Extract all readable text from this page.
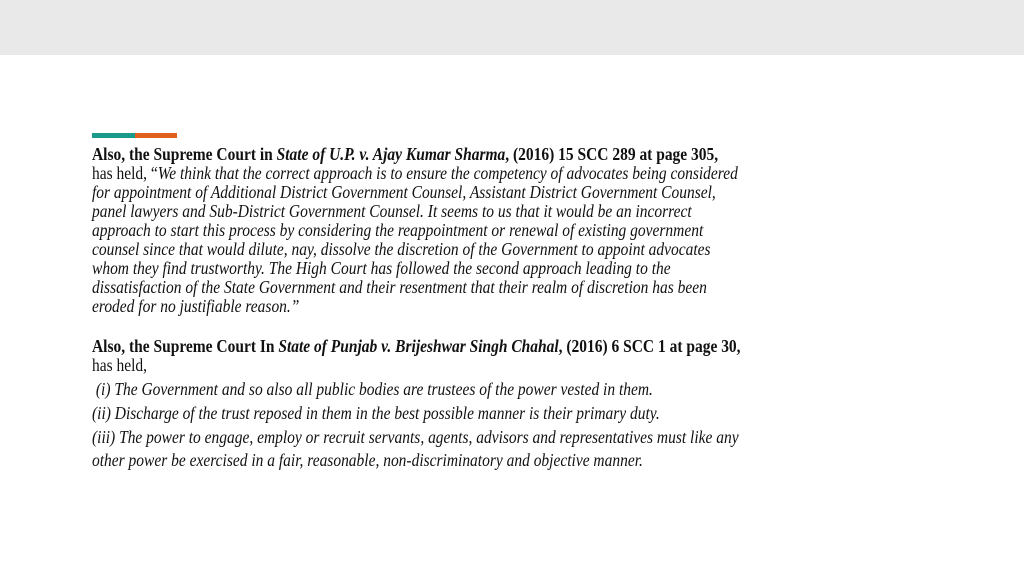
Also, the Supreme Court in State of U.P. v. Ajay Kumar Sharma, (2016) 15 SCC 289 at page 305,
has held, “We think that the correct approach is to ensure the competency of advocates being considered
for appointment of Additional District Government Counsel, Assistant District Government Counsel,
panel lawyers and Sub-District Government Counsel. It seems to us that it would be an incorrect
approach to start this process by considering the reappointment or renewal of existing government
counsel since that would dilute, nay, dissolve the discretion of the Government to appoint advocates
whom they find trustworthy. The High Court has followed the second approach leading to the
dissatisfaction of the State Government and their resentment that their realm of discretion has been
eroded for no justifiable reason.”
Also, the Supreme Court In State of Punjab v. Brijeshwar Singh Chahal, (2016) 6 SCC 1 at page 30,
has held,
(i) The Government and so also all public bodies are trustees of the power vested in them.
(ii) Discharge of the trust reposed in them in the best possible manner is their primary duty.
(iii) The power to engage, employ or recruit servants, agents, advisors and representatives must like any
other power be exercised in a fair, reasonable, non-discriminatory and objective manner.
